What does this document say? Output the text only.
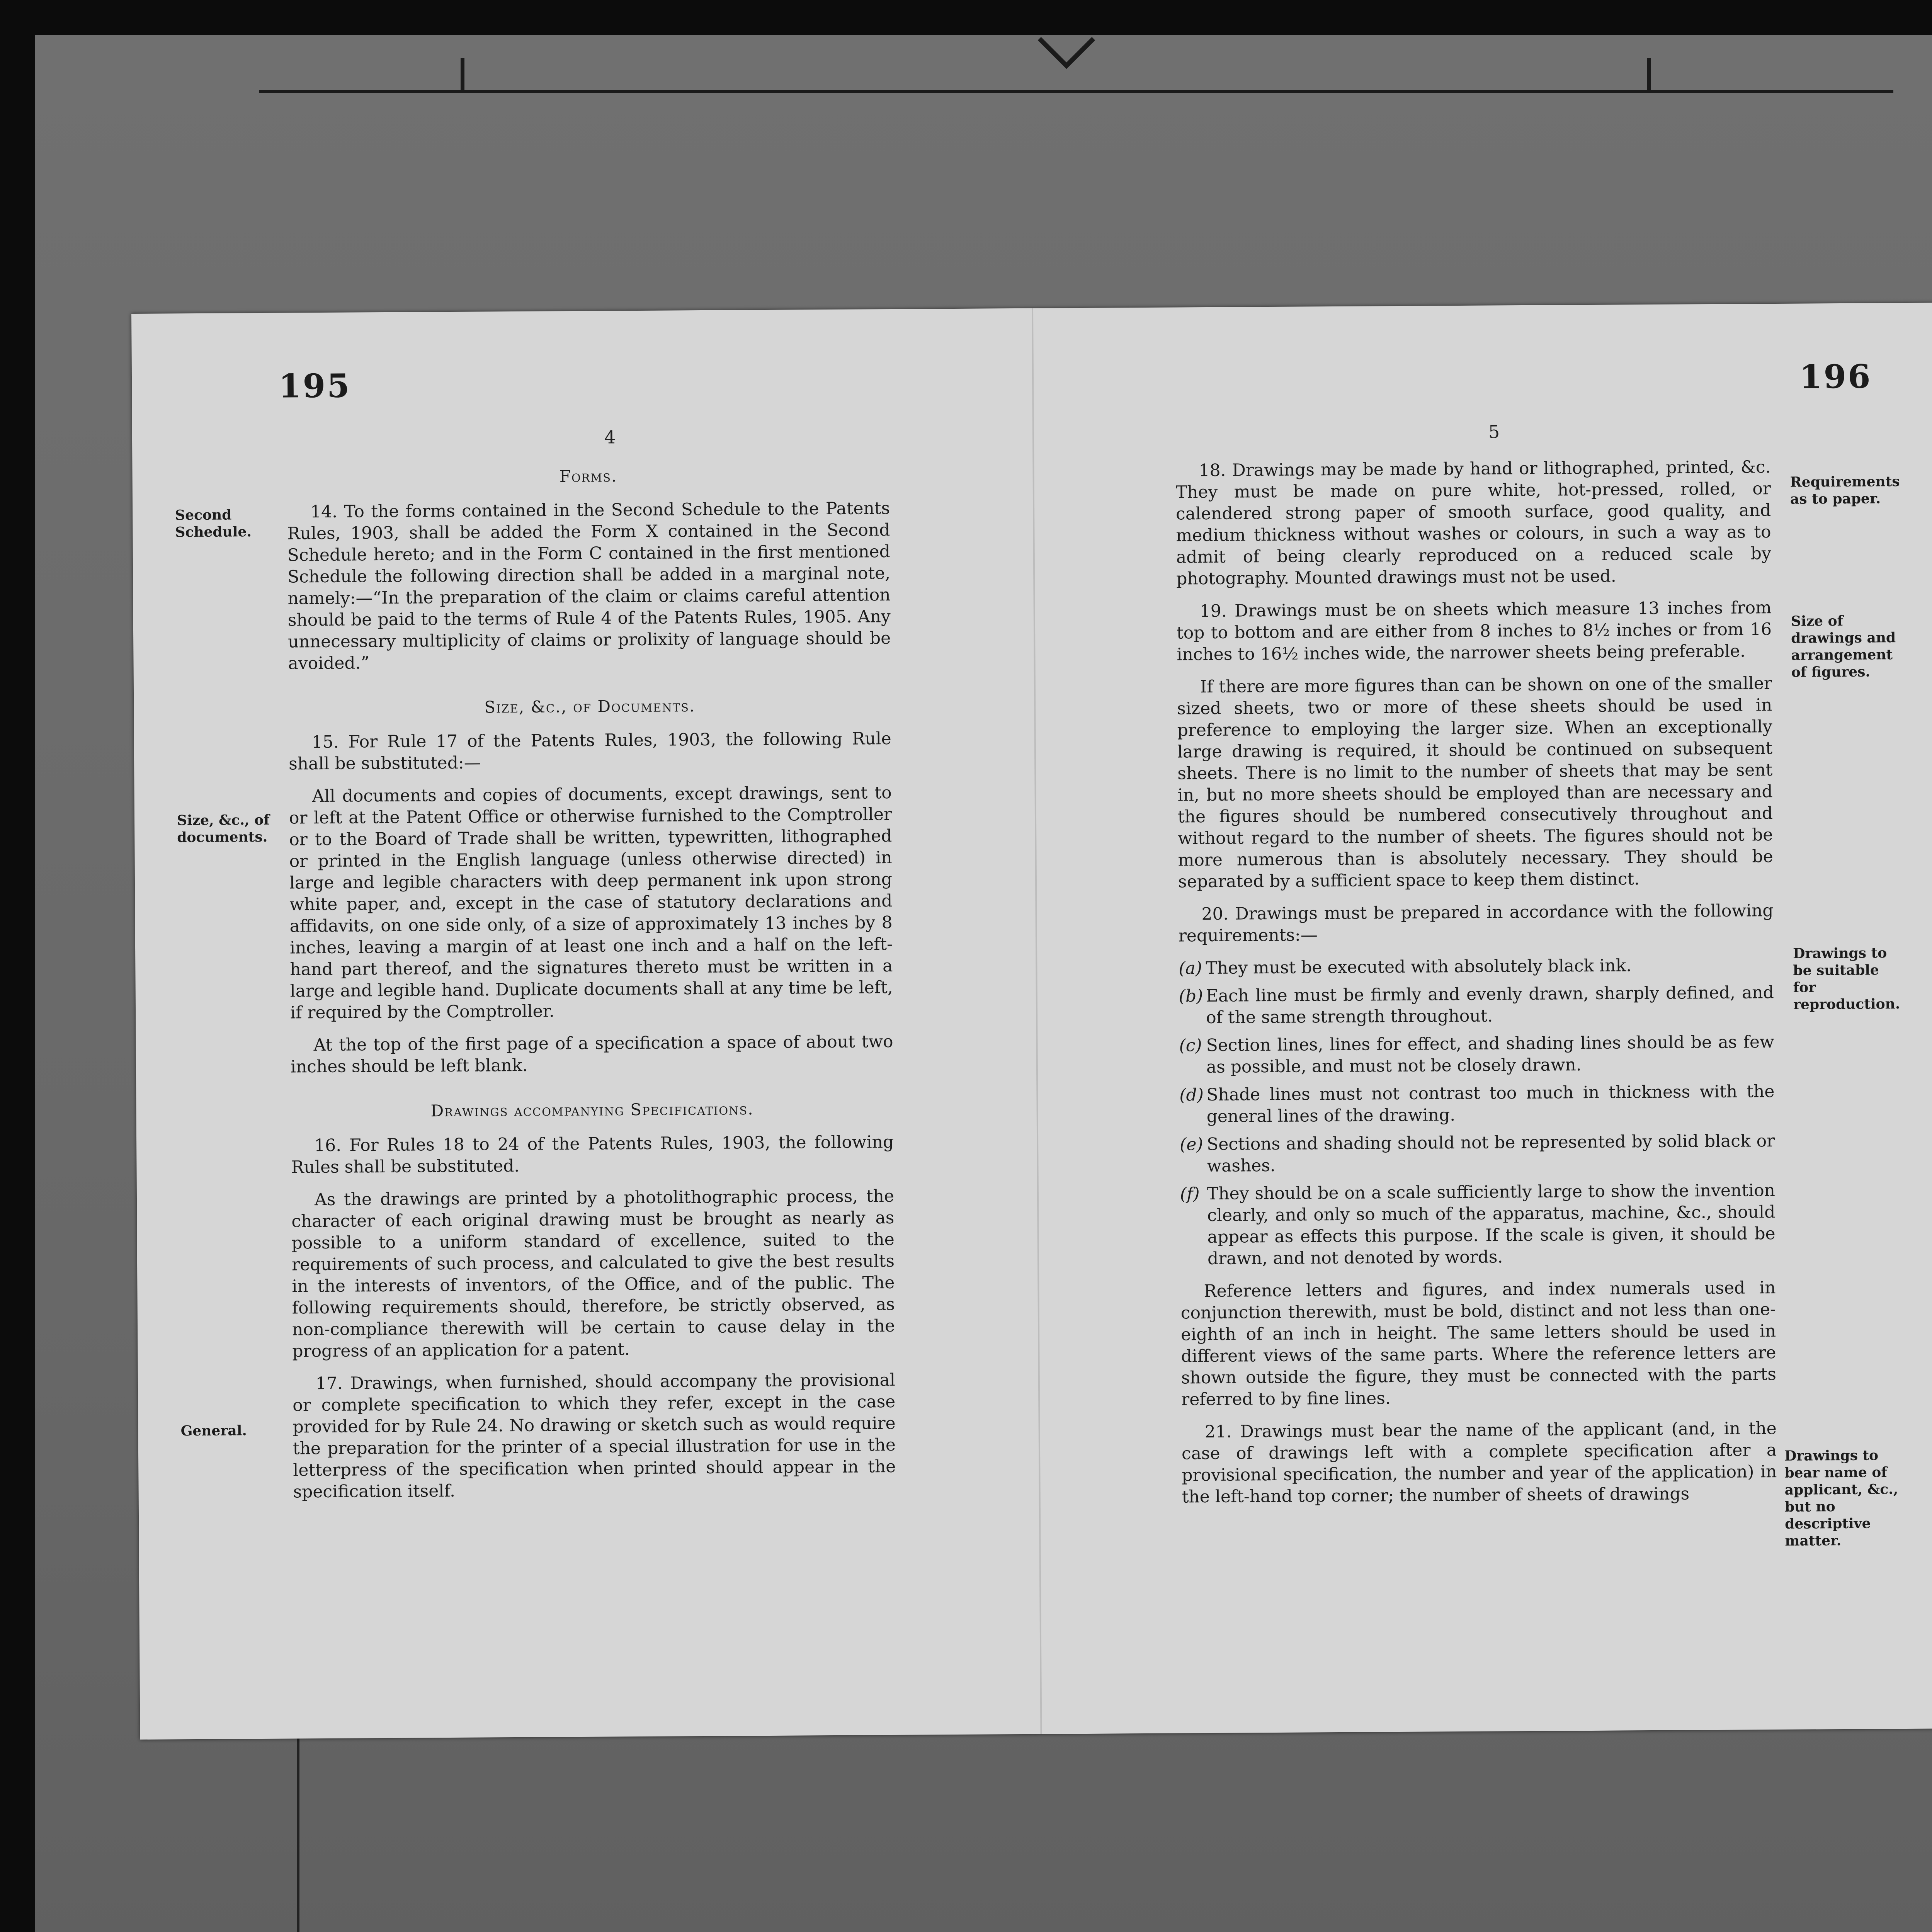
195
4
Second Schedule.
Size, &c., of documents.
General.
Forms.

14. To the forms contained in the Second Schedule to the Patents Rules, 1903, shall be added the Form X contained in the Second Schedule hereto; and in the Form C contained in the first mentioned Schedule the following direction shall be added in a marginal note, namely:—“In the preparation of the claim or claims careful attention should be paid to the terms of Rule 4 of the Patents Rules, 1905. Any unnecessary multiplicity of claims or prolixity of language should be avoided.”

Size, &c., of Documents.

15. For Rule 17 of the Patents Rules, 1903, the following Rule shall be substituted:—

All documents and copies of documents, except drawings, sent to or left at the Patent Office or otherwise furnished to the Comptroller or to the Board of Trade shall be written, typewritten, lithographed or printed in the English language (unless otherwise directed) in large and legible characters with deep permanent ink upon strong white paper, and, except in the case of statutory declarations and affidavits, on one side only, of a size of approximately 13 inches by 8 inches, leaving a margin of at least one inch and a half on the left-hand part thereof, and the signatures thereto must be written in a large and legible hand. Duplicate documents shall at any time be left, if required by the Comptroller.

At the top of the first page of a specification a space of about two inches should be left blank.

Drawings accompanying Specifications.

16. For Rules 18 to 24 of the Patents Rules, 1903, the following Rules shall be substituted.

As the drawings are printed by a photolithographic process, the character of each original drawing must be brought as nearly as possible to a uniform standard of excellence, suited to the requirements of such process, and calculated to give the best results in the interests of inventors, of the Office, and of the public. The following requirements should, therefore, be strictly observed, as non-compliance therewith will be certain to cause delay in the progress of an application for a patent.

17. Drawings, when furnished, should accompany the provisional or complete specification to which they refer, except in the case provided for by Rule 24. No drawing or sketch such as would require the preparation for the printer of a special illustration for use in the letterpress of the specification when printed should appear in the specification itself.

196
5
Requirements as to paper.
Size of drawings and arrangement of figures.
Drawings to be suitable for reproduction.
Drawings to bear name of applicant, &c., but no descriptive matter.

18. Drawings may be made by hand or lithographed, printed, &c. They must be made on pure white, hot-pressed, rolled, or calendered strong paper of smooth surface, good quality, and medium thickness without washes or colours, in such a way as to admit of being clearly reproduced on a reduced scale by photography. Mounted drawings must not be used.

19. Drawings must be on sheets which measure 13 inches from top to bottom and are either from 8 inches to 8½ inches or from 16 inches to 16½ inches wide, the narrower sheets being preferable.

If there are more figures than can be shown on one of the smaller sized sheets, two or more of these sheets should be used in preference to employing the larger size. When an exceptionally large drawing is required, it should be continued on subsequent sheets. There is no limit to the number of sheets that may be sent in, but no more sheets should be employed than are necessary and the figures should be numbered consecutively throughout and without regard to the number of sheets. The figures should not be more numerous than is absolutely necessary. They should be separated by a sufficient space to keep them distinct.

20. Drawings must be prepared in accordance with the following requirements:—

(a) They must be executed with absolutely black ink.

(b) Each line must be firmly and evenly drawn, sharply defined, and of the same strength throughout.

(c) Section lines, lines for effect, and shading lines should be as few as possible, and must not be closely drawn.

(d) Shade lines must not contrast too much in thickness with the general lines of the drawing.

(e) Sections and shading should not be represented by solid black or washes.

(f) They should be on a scale sufficiently large to show the invention clearly, and only so much of the apparatus, machine, &c., should appear as effects this purpose. If the scale is given, it should be drawn, and not denoted by words.

Reference letters and figures, and index numerals used in conjunction therewith, must be bold, distinct and not less than one-eighth of an inch in height. The same letters should be used in different views of the same parts. Where the reference letters are shown outside the figure, they must be connected with the parts referred to by fine lines.

21. Drawings must bear the name of the applicant (and, in the case of drawings left with a complete specification after a provisional specification, the number and year of the application) in the left-hand top corner; the number of sheets of drawings
